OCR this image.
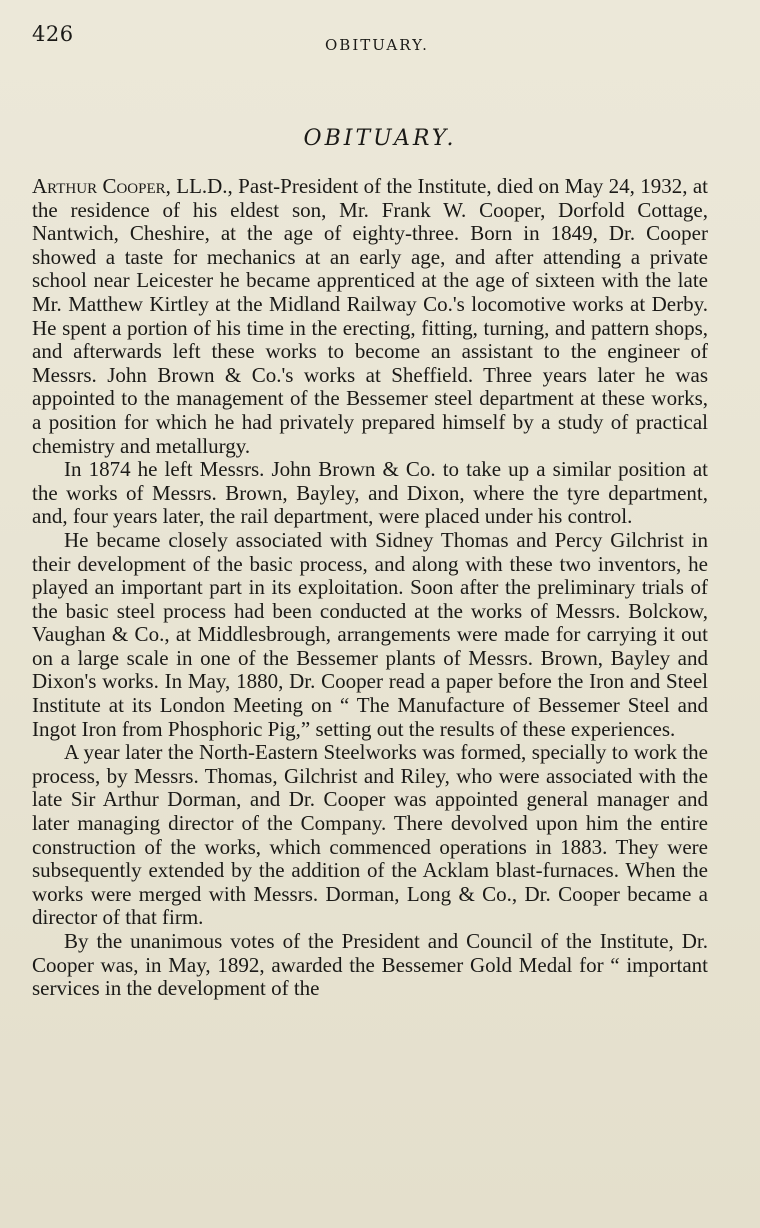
426	OBITUARY.
OBITUARY.

Arthur Cooper, LL.D., Past-President of the Institute, died on May 24, 1932, at the residence of his eldest son, Mr. Frank W. Cooper, Dorfold Cottage, Nantwich, Cheshire, at the age of eighty-three. Born in 1849, Dr. Cooper showed a taste for mechanics at an early age, and after attending a private school near Leicester he became apprenticed at the age of sixteen with the late Mr. Matthew Kirtley at the Midland Railway Co.'s locomotive works at Derby. He spent a portion of his time in the erecting, fitting, turning, and pattern shops, and afterwards left these works to become an assistant to the engineer of Messrs. John Brown & Co.'s works at Sheffield. Three years later he was appointed to the management of the Bessemer steel department at these works, a position for which he had privately prepared himself by a study of practical chemistry and metallurgy.

In 1874 he left Messrs. John Brown & Co. to take up a similar position at the works of Messrs. Brown, Bayley, and Dixon, where the tyre department, and, four years later, the rail department, were placed under his control.

He became closely associated with Sidney Thomas and Percy Gilchrist in their development of the basic process, and along with these two inventors, he played an important part in its exploitation. Soon after the preliminary trials of the basic steel process had been conducted at the works of Messrs. Bolckow, Vaughan & Co., at Middlesbrough, arrangements were made for carrying it out on a large scale in one of the Bessemer plants of Messrs. Brown, Bayley and Dixon's works. In May, 1880, Dr. Cooper read a paper before the Iron and Steel Institute at its London Meeting on “ The Manufacture of Bessemer Steel and Ingot Iron from Phosphoric Pig,” setting out the results of these experiences.

A year later the North-Eastern Steelworks was formed, specially to work the process, by Messrs. Thomas, Gilchrist and Riley, who were associated with the late Sir Arthur Dorman, and Dr. Cooper was appointed general manager and later managing director of the Company. There devolved upon him the entire construction of the works, which commenced operations in 1883. They were subsequently extended by the addition of the Acklam blast-furnaces. When the works were merged with Messrs. Dorman, Long & Co., Dr. Cooper became a director of that firm.

By the unanimous votes of the President and Council of the Institute, Dr. Cooper was, in May, 1892, awarded the Bessemer Gold Medal for “ important services in the development of the
